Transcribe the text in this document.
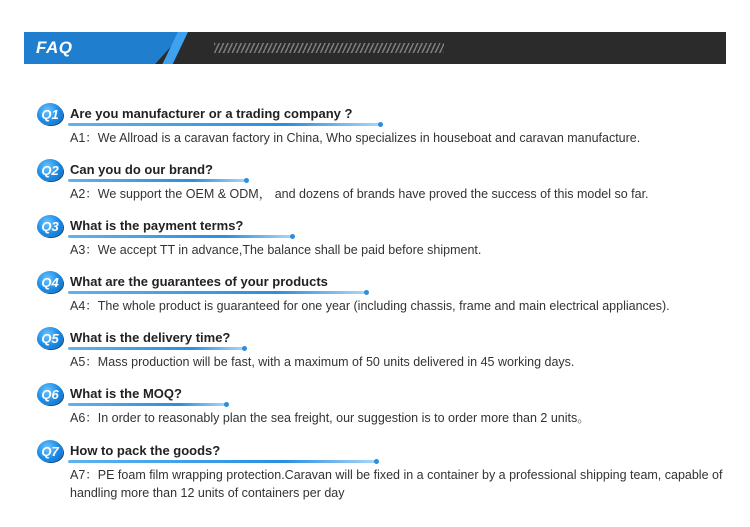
FAQ
Q1 Are you manufacturer or a trading company ?
A1：We Allroad is a caravan factory in China, Who specializes in houseboat and caravan manufacture.
Q2 Can you do our brand?
A2：We support the OEM & ODM， and dozens of brands have proved the success of this model so far.
Q3 What is the payment terms?
A3：We accept TT in advance,The balance shall be paid before shipment.
Q4 What are the guarantees of your products
A4：The whole product is guaranteed for one year (including chassis, frame and main electrical appliances).
Q5 What is the delivery time?
A5：Mass production will be fast, with a maximum of 50 units delivered in 45 working days.
Q6 What is the MOQ?
A6：In order to reasonably plan the sea freight, our suggestion is to order more than 2 units。
Q7 How to pack the goods?
A7：PE foam film wrapping protection.Caravan will be fixed in a container by a professional shipping team, capable of handling more than 12 units of containers per day
